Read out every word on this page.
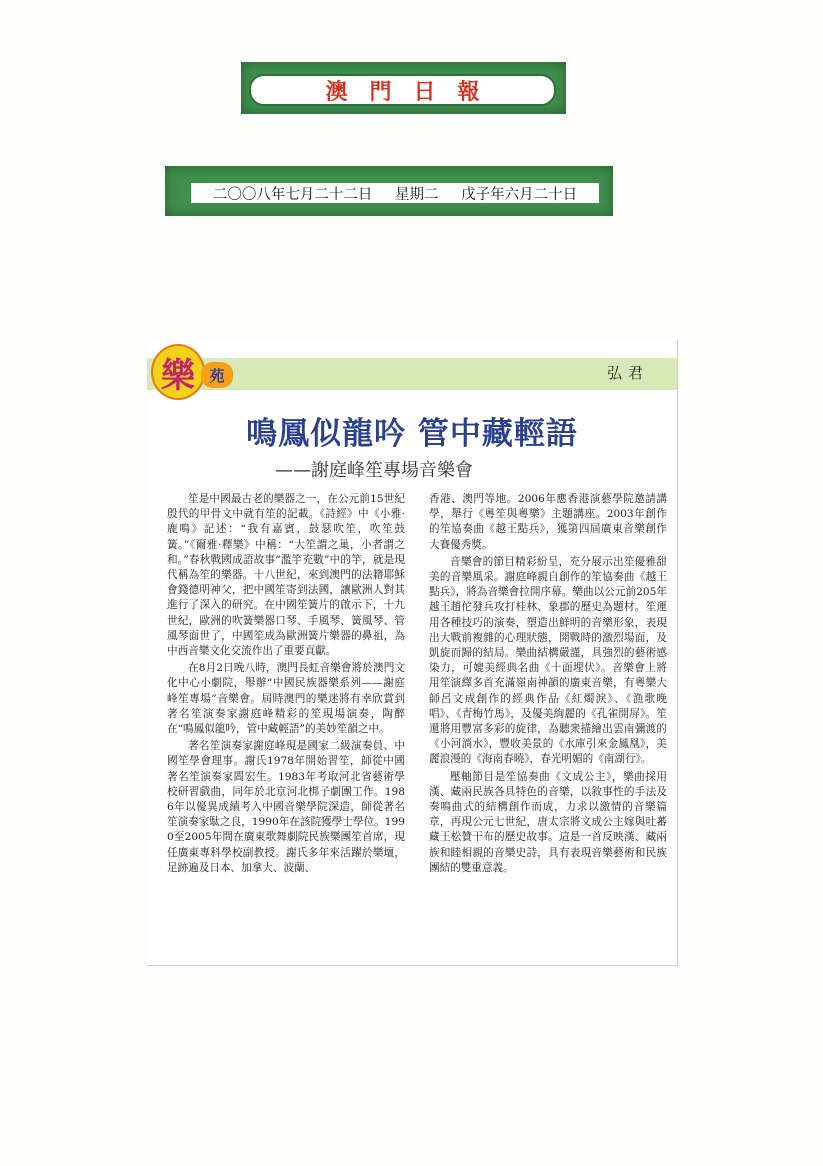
澳門日報
二〇〇八年七月二十二日 星期二 戊子年六月二十日
弘君
樂 苑
鳴鳳似龍吟 管中藏輕語
——謝庭峰笙專場音樂會

笙是中國最古老的樂器之一，在公元前15世紀殷代的甲骨文中就有笙的記載。《詩經》中《小雅·鹿鳴》記述：“我有嘉賓，鼓瑟吹笙，吹笙鼓簧。”《爾雅·釋樂》中稱：“大笙謂之巢，小者謂之和。”春秋戰國成語故事“濫竽充數”中的竽，就是現代稱為笙的樂器。十八世紀，來到澳門的法籍耶穌會錢德明神父，把中國笙寄到法國，讓歐洲人對其進行了深入的研究。在中國笙簧片的啟示下，十九世紀，歐洲的吹簧樂器口琴、手風琴、簧風琴、管風琴面世了，中國笙成為歐洲簧片樂器的鼻祖，為中西音樂文化交流作出了重要貢獻。

在8月2日晚八時，澳門長虹音樂會將於澳門文化中心小劇院，舉辦“中國民族器樂系列——謝庭峰笙專場”音樂會。屆時澳門的樂迷將有幸欣賞到著名笙演奏家謝庭峰精彩的笙現場演奏，陶醉在“鳴鳳似龍吟，管中藏輕語”的美妙笙韻之中。

著名笙演奏家謝庭峰現是國家二級演奏員、中國笙學會理事。謝氏1978年開始習笙，師從中國著名笙演奏家閻宏生。1983年考取河北省藝術學校研習戲曲，同年於北京河北梆子劇團工作。1986年以優異成績考入中國音樂學院深造，師從著名笙演奏家駄之良，1990年在該院獲學士學位。1990至2005年間在廣東歌舞劇院民族樂團笙首席，現任廣東專科學校副教授。謝氏多年來活躍於樂壇，足跡遍及日本、加拿大、波蘭、

香港、澳門等地。2006年應香港演藝學院邀請講學，舉行《粵笙與粵樂》主題講座。2003年創作的笙協奏曲《越王點兵》，獲第四屆廣東音樂創作大賽優秀獎。

音樂會的節目精彩紛呈，充分展示出笙優雅甜美的音樂風采。謝庭峰親自創作的笙協奏曲《越王點兵》，將為音樂會拉開序幕。樂曲以公元前205年越王趙佗發兵攻打桂林、象郡的歷史為題材。笙運用各種技巧的演奏，塑造出鮮明的音樂形象，表現出大戰前複雜的心理狀態，開戰時的激烈場面，及凱旋而歸的結局。樂曲結構嚴謹，具強烈的藝術感染力，可媲美經典名曲《十面埋伏》。音樂會上將用笙演繹多首充滿嶺南神韻的廣東音樂，有粵樂大師呂文成創作的經典作品《紅燭淚》、《漁歌晚唱》、《青梅竹馬》，及優美絢麗的《孔雀開屏》。笙還將用豐富多彩的旋律，為聽衆描繪出雲南彌渡的《小河淌水》，豐收美景的《水庫引來金鳳凰》，美麗浪漫的《海南春曉》，春光明媚的《南湖行》。

壓軸節目是笙協奏曲《文成公主》，樂曲採用漢、藏兩民族各具特色的音樂，以敘事性的手法及奏鳴曲式的結構創作而成，力求以激情的音樂篇章，再現公元七世紀，唐太宗將文成公主嫁與吐蕃藏王松贊干布的歷史故事。這是一首反映漢、藏兩族和睦相親的音樂史詩，具有表現音樂藝術和民族團結的雙重意義。
